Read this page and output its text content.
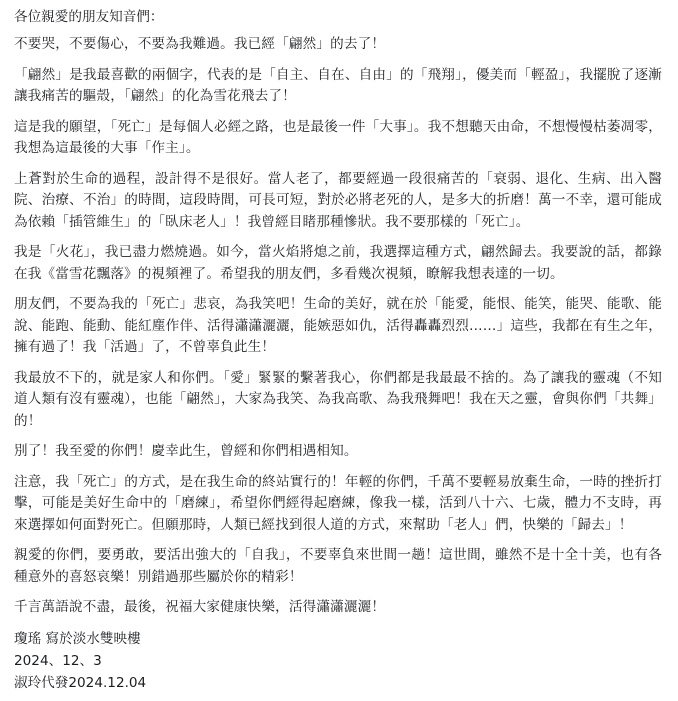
各位親愛的朋友知音們：
不要哭，不要傷心，不要為我難過。我已經「翩然」的去了！
「翩然」是我最喜歡的兩個字，代表的是「自主、自在、自由」的「飛翔」，優美而「輕盈」，我擺脫了逐漸讓我痛苦的驅殼，「翩然」的化為雪花飛去了！
這是我的願望，「死亡」是每個人必經之路，也是最後一件「大事」。我不想聽天由命，不想慢慢枯萎凋零，我想為這最後的大事「作主」。
上蒼對於生命的過程，設計得不是很好。當人老了，都要經過一段很痛苦的「衰弱、退化、生病、出入醫院、治療、不治」的時間，這段時間，可長可短，對於必將老死的人，是多大的折磨！萬一不幸，還可能成為依賴「插管維生」的「臥床老人」！我曾經目睹那種慘狀。我不要那樣的「死亡」。
我是「火花」，我已盡力燃燒過。如今，當火焰將熄之前，我選擇這種方式，翩然歸去。我要說的話，都錄在我《當雪花飄落》的視頻裡了。希望我的朋友們，多看幾次視頻，瞭解我想表達的一切。
朋友們，不要為我的「死亡」悲哀，為我笑吧！生命的美好，就在於「能愛，能恨、能笑，能哭、能歌、能說、能跑、能動、能紅塵作伴、活得瀟瀟灑灑，能嫉惡如仇，活得轟轟烈烈……」這些，我都在有生之年，擁有過了！我「活過」了，不曾辜負此生！
我最放不下的，就是家人和你們。「愛」緊緊的繫著我心，你們都是我最最不捨的。為了讓我的靈魂（不知道人類有沒有靈魂），也能「翩然」，大家為我笑、為我高歌、為我飛舞吧！我在天之靈，會與你們「共舞」的！
別了！我至愛的你們！慶幸此生，曾經和你們相遇相知。
注意，我「死亡」的方式，是在我生命的終站實行的！年輕的你們，千萬不要輕易放棄生命，一時的挫折打擊，可能是美好生命中的「磨練」，希望你們經得起磨練，像我一樣，活到八十六、七歲，體力不支時，再來選擇如何面對死亡。但願那時，人類已經找到很人道的方式，來幫助「老人」們，快樂的「歸去」！
親愛的你們，要勇敢，要活出強大的「自我」，不要辜負來世間一趟！這世間，雖然不是十全十美，也有各種意外的喜怒哀樂！別錯過那些屬於你的精彩！
千言萬語說不盡，最後，祝福大家健康快樂，活得瀟瀟灑灑！
瓊瑤 寫於淡水雙映樓
2024、12、3
淑玲代發2024.12.04
